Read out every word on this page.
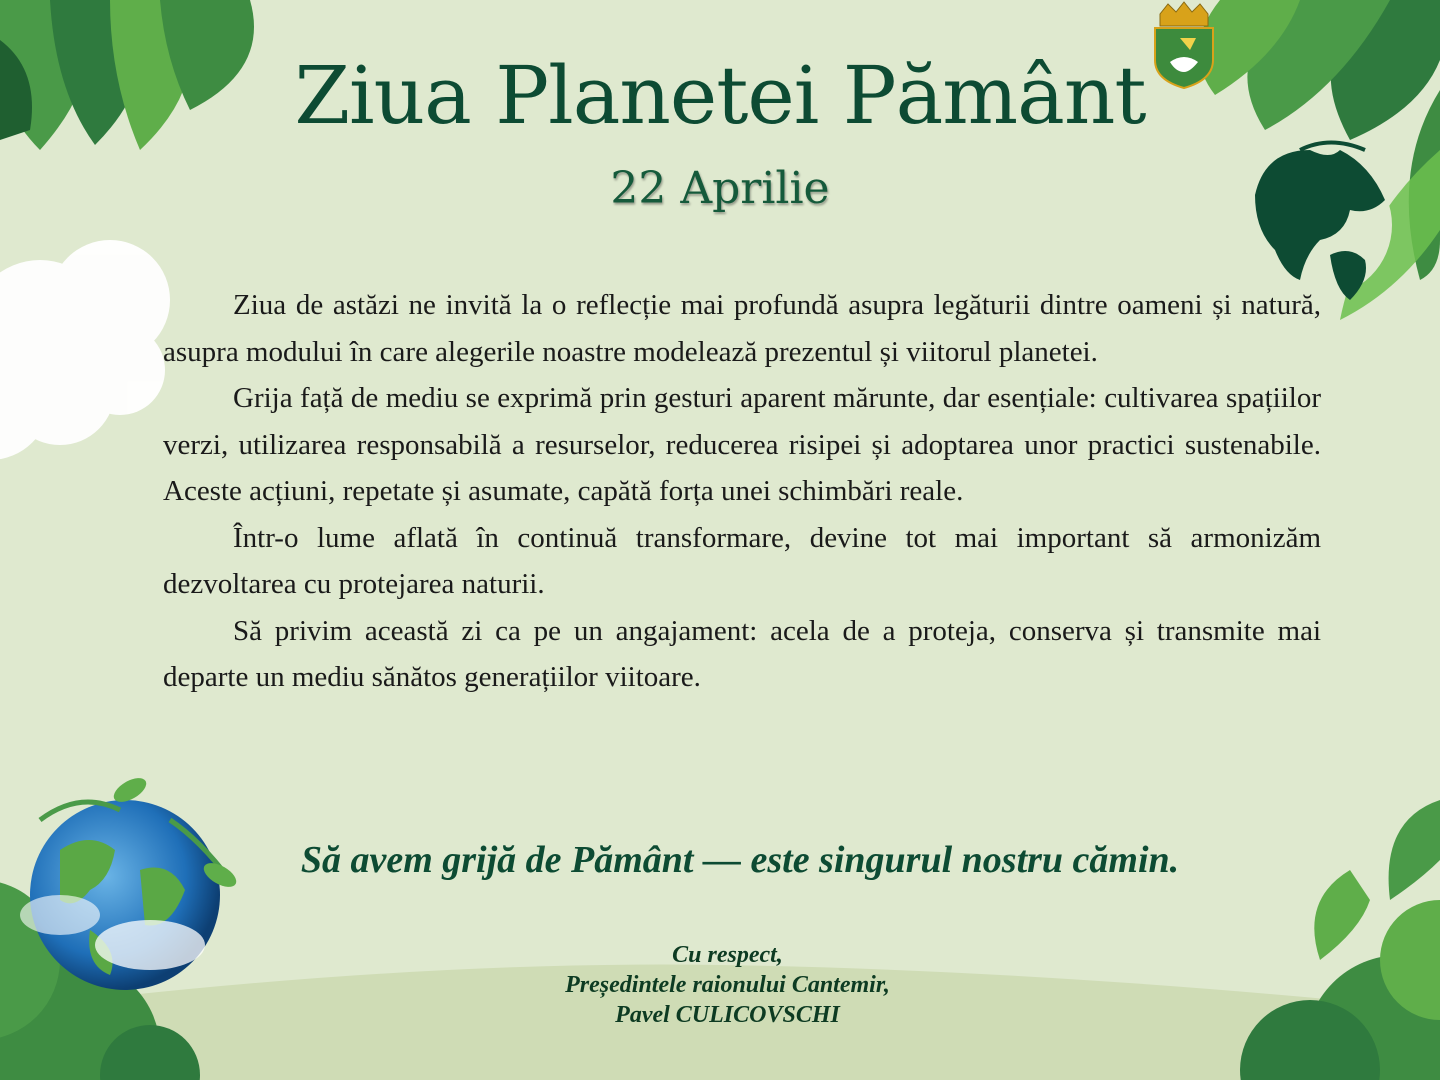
Ziua Planetei Pământ
22 Aprilie

Ziua de astăzi ne invită la o reflecție mai profundă asupra legăturii dintre oameni și natură, asupra modului în care alegerile noastre modelează prezentul și viitorul planetei.

Grija față de mediu se exprimă prin gesturi aparent mărunte, dar esențiale: cultivarea spațiilor verzi, utilizarea responsabilă a resurselor, reducerea risipei și adoptarea unor practici sustenabile. Aceste acțiuni, repetate și asumate, capătă forța unei schimbări reale.

Într-o lume aflată în continuă transformare, devine tot mai important să armonizăm dezvoltarea cu protejarea naturii.

Să privim această zi ca pe un angajament: acela de a proteja, conserva și transmite mai departe un mediu sănătos generațiilor viitoare.

Să avem grijă de Pământ — este singurul nostru cămin.
Cu respect,
Președintele raionului Cantemir,
Pavel CULICOVSCHI
